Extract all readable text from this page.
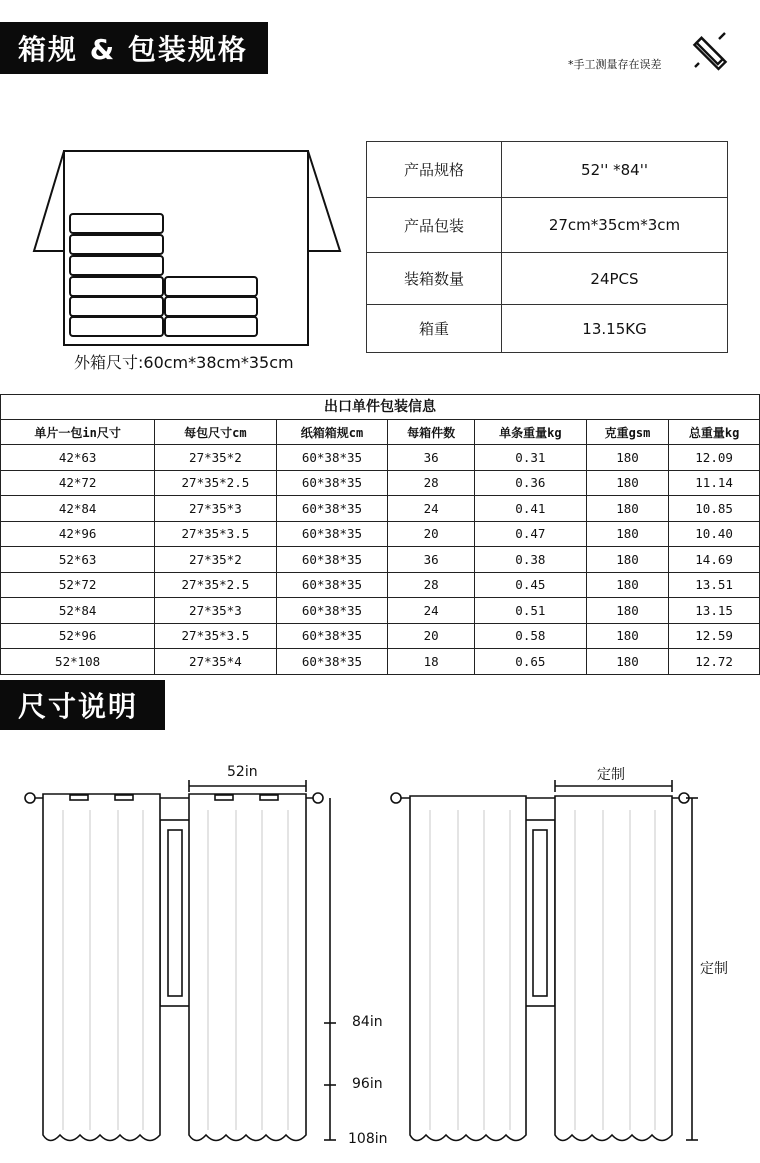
箱规 & 包装规格	*手工测量存在误差
外箱尺寸:60cm*38cm*35cm
产品规格	52'' *84''
产品包装	27cm*35cm*3cm
装箱数量	24PCS
箱重	13.15KG
出口单件包装信息
单片一包in尺寸	每包尺寸cm	纸箱箱规cm	每箱件数	单条重量kg	克重gsm	总重量kg
42*63	27*35*2	60*38*35	36	0.31	180	12.09
42*72	27*35*2.5	60*38*35	28	0.36	180	11.14
42*84	27*35*3	60*38*35	24	0.41	180	10.85
42*96	27*35*3.5	60*38*35	20	0.47	180	10.40
52*63	27*35*2	60*38*35	36	0.38	180	14.69
52*72	27*35*2.5	60*38*35	28	0.45	180	13.51
52*84	27*35*3	60*38*35	24	0.51	180	13.15
52*96	27*35*3.5	60*38*35	20	0.58	180	12.59
52*108	27*35*4	60*38*35	18	0.65	180	12.72
尺寸说明
52in
84in
96in
108in
定制
定制
